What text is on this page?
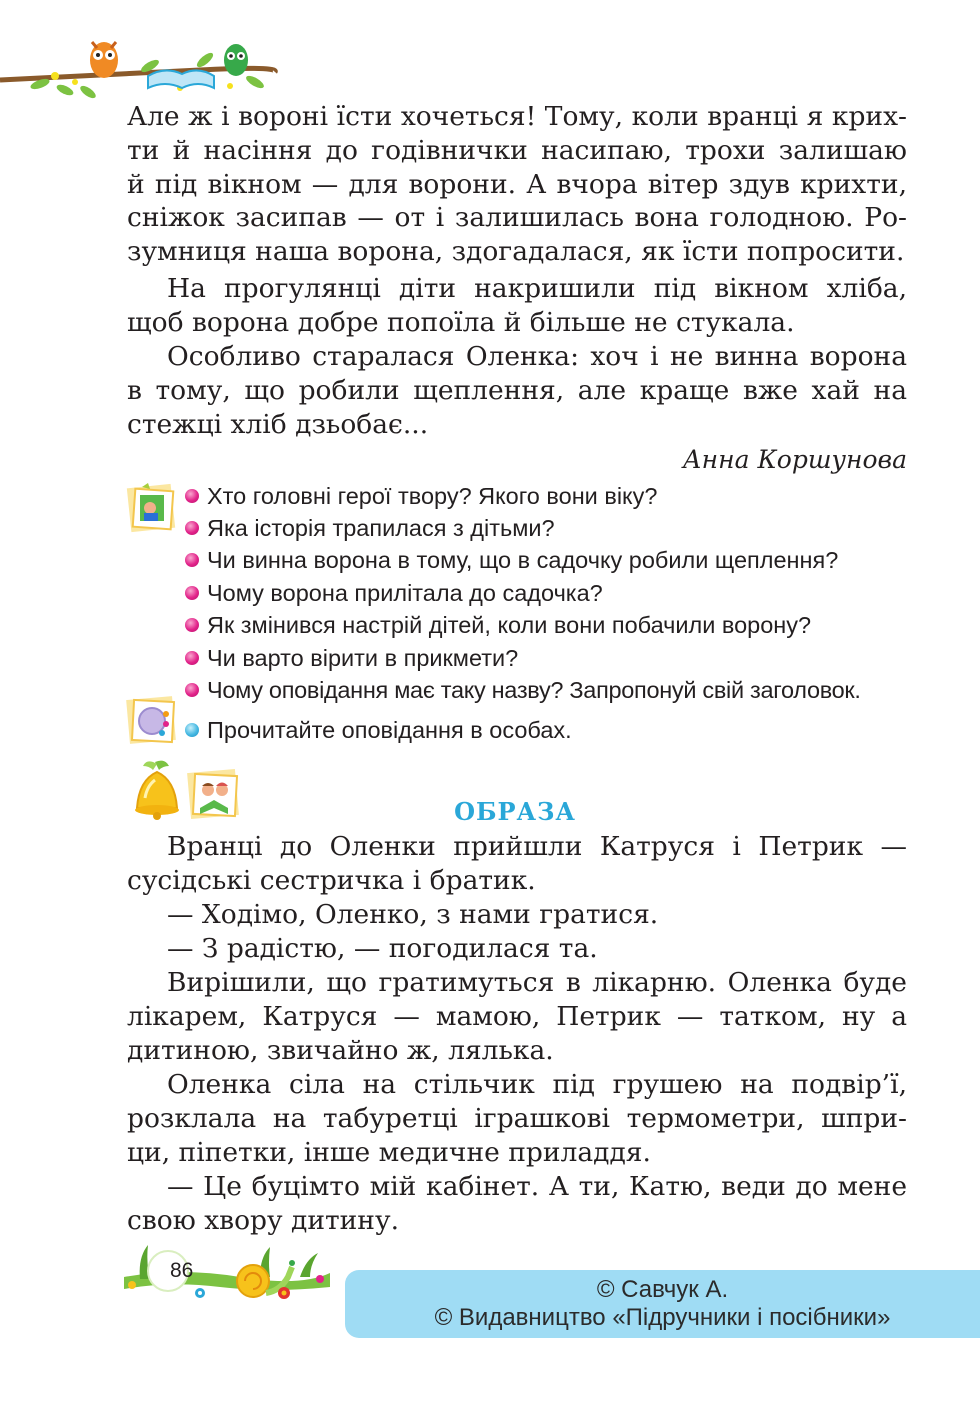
Але ж і вороні їсти хочеться! Тому, коли вранці я крих-
ти й насіння до годівнички насипаю, трохи залишаю
й під вікном — для ворони. А вчора вітер здув крихти,
сніжок засипав — от і залишилась вона голодною. Ро-
зумниця наша ворона, здогадалася, як їсти попросити.

На прогулянці діти накришили під вікном хліба,
щоб ворона добре попоїла й більше не стукала.

Особливо старалася Оленка: хоч і не винна ворона
в тому, що робили щеплення, але краще вже хай на
стежці хліб дзьобає...

Анна Коршунова
Хто головні герої твору? Якого вони віку?
Яка історія трапилася з дітьми?
Чи винна ворона в тому, що в садочку робили щеплення?
Чому ворона прилітала до садочка?
Як змінився настрій дітей, коли вони побачили ворону?
Чи варто вірити в прикмети?
Чому оповідання має таку назву? Запропонуй свій заголовок.
Прочитайте оповідання в особах.
ОБРАЗА

Вранці до Оленки прийшли Катруся і Петрик —
сусідські сестричка і братик.

— Ходімо, Оленко, з нами гратися.

— З радістю, — погодилася та.

Вирішили, що гратимуться в лікарню. Оленка буде
лікарем, Катруся — мамою, Петрик — татком, ну а
дитиною, звичайно ж, лялька.

Оленка сіла на стільчик під грушею на подвір’ї,
розклала на табуретці іграшкові термометри, шпри-
ци, піпетки, інше медичне приладдя.

— Це буцімто мій кабінет. А ти, Катю, веди до мене
свою хвору дитину.

86
© Савчук А.
© Видавництво «Підручники і посібники»
